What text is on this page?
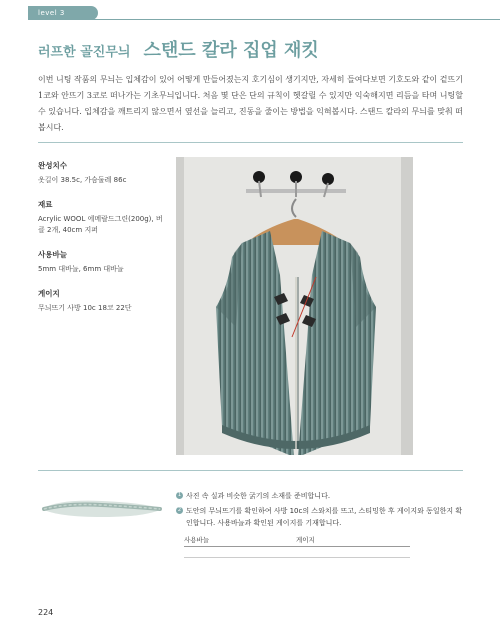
level 3 ★★★★★
러프한 골진무늬 스탠드 칼라 집업 재킷

이번 니팅 작품의 무늬는 입체감이 있어 어떻게 만들어졌는지 호기심이 생기지만, 자세히 들여다보면 기호도와 같이 겉뜨기 1코와 안뜨기 3코로 떠나가는 기초무늬입니다. 처음 몇 단은 단의 규칙이 헷갈릴 수 있지만 익숙해지면 리듬을 타며 니팅할 수 있습니다. 입체감을 깨트리지 않으면서 옆선을 늘리고, 진동을 줄이는 방법을 익혀봅시다. 스탠드 칼라의 무늬를 맞춰 떠 봅시다.

완성치수
옷길이 38.5c, 가슴둘레 86c
재료
Acrylic WOOL 에메랄드그린(200g), 버클 2개, 40cm 지퍼
사용바늘
5mm 대바늘, 6mm 대바늘
게이지
무늬뜨기 사방 10c 18코 22단
1 사진 속 실과 비슷한 굵기의 소재를 준비합니다.
2 도안의 무늬뜨기를 확인하여 사방 10c의 스와치를 뜨고, 스티밍한 후 게이지와 동일한지 확인합니다. 사용바늘과 확인된 게이지를 기재합니다.
사용바늘	게이지
224
